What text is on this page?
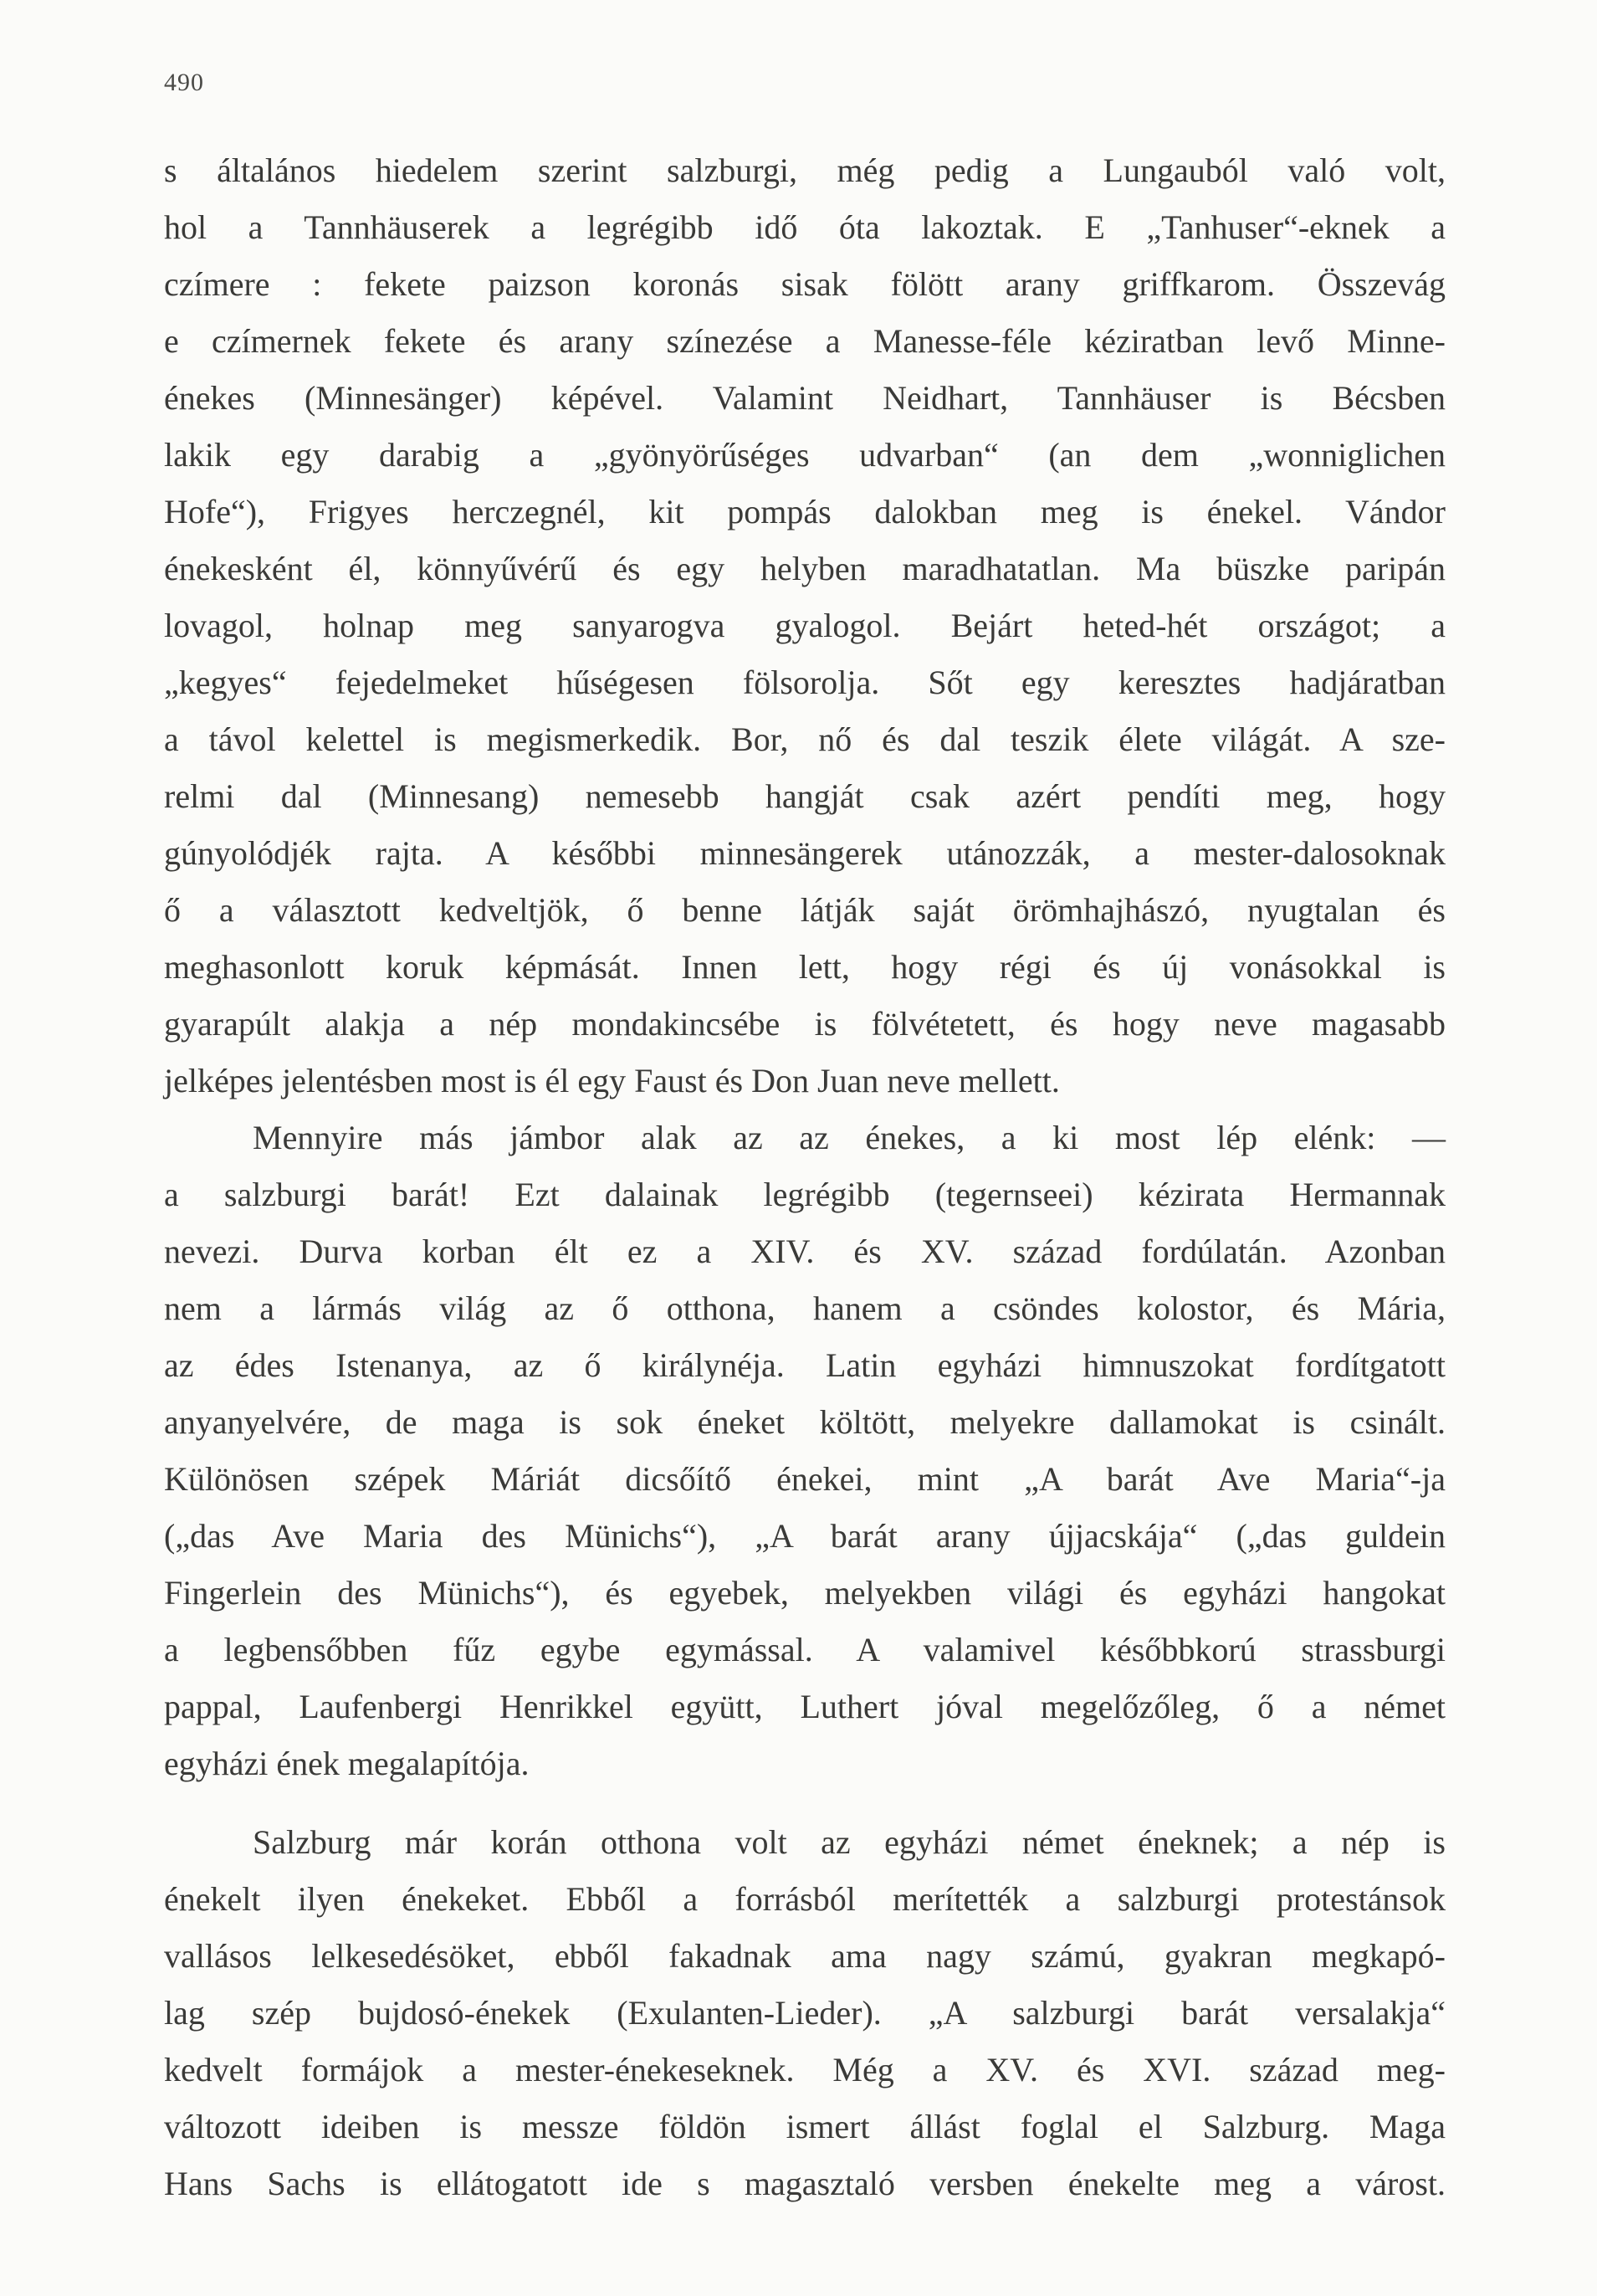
490
s általános hiedelem szerint salzburgi, még pedig a Lungauból való volt,
hol a Tannhäuserek a legrégibb idő óta lakoztak. E „Tanhuser“-eknek a
czímere : fekete paizson koronás sisak fölött arany griffkarom. Összevág
e czímernek fekete és arany színezése a Manesse-féle kéziratban levő Minne-
énekes (Minnesänger) képével. Valamint Neidhart, Tannhäuser is Bécsben
lakik egy darabig a „gyönyörűséges udvarban“ (an dem „wonniglichen
Hofe“), Frigyes herczegnél, kit pompás dalokban meg is énekel. Vándor
énekesként él, könnyűvérű és egy helyben maradhatatlan. Ma büszke paripán
lovagol, holnap meg sanyarogva gyalogol. Bejárt heted-hét országot; a
„kegyes“ fejedelmeket hűségesen fölsorolja. Sőt egy keresztes hadjáratban
a távol kelettel is megismerkedik. Bor, nő és dal teszik élete világát. A sze-
relmi dal (Minnesang) nemesebb hangját csak azért pendíti meg, hogy
gúnyolódjék rajta. A későbbi minnesängerek utánozzák, a mester-dalosoknak
ő a választott kedveltjök, ő benne látják saját örömhajhászó, nyugtalan és
meghasonlott koruk képmását. Innen lett, hogy régi és új vonásokkal is
gyarapúlt alakja a nép mondakincsébe is fölvétetett, és hogy neve magasabb
jelképes jelentésben most is él egy Faust és Don Juan neve mellett.
Mennyire más jámbor alak az az énekes, a ki most lép elénk: —
a salzburgi barát! Ezt dalainak legrégibb (tegernseei) kézirata Hermannak
nevezi. Durva korban élt ez a XIV. és XV. század fordúlatán. Azonban
nem a lármás világ az ő otthona, hanem a csöndes kolostor, és Mária,
az édes Istenanya, az ő királynéja. Latin egyházi himnuszokat fordítgatott
anyanyelvére, de maga is sok éneket költött, melyekre dallamokat is csinált.
Különösen szépek Máriát dicsőítő énekei, mint „A barát Ave Maria“-ja
(„das Ave Maria des Münichs“), „A barát arany újjacskája“ („das guldein
Fingerlein des Münichs“), és egyebek, melyekben világi és egyházi hangokat
a legbensőbben fűz egybe egymással. A valamivel későbbkorú strassburgi
pappal, Laufenbergi Henrikkel együtt, Luthert jóval megelőzőleg, ő a német
egyházi ének megalapítója.
Salzburg már korán otthona volt az egyházi német éneknek; a nép is
énekelt ilyen énekeket. Ebből a forrásból merítették a salzburgi protestánsok
vallásos lelkesedésöket, ebből fakadnak ama nagy számú, gyakran megkapó-
lag szép bujdosó-énekek (Exulanten-Lieder). „A salzburgi barát versalakja“
kedvelt formájok a mester-énekeseknek. Még a XV. és XVI. század meg-
változott ideiben is messze földön ismert állást foglal el Salzburg. Maga
Hans Sachs is ellátogatott ide s magasztaló versben énekelte meg a várost.
